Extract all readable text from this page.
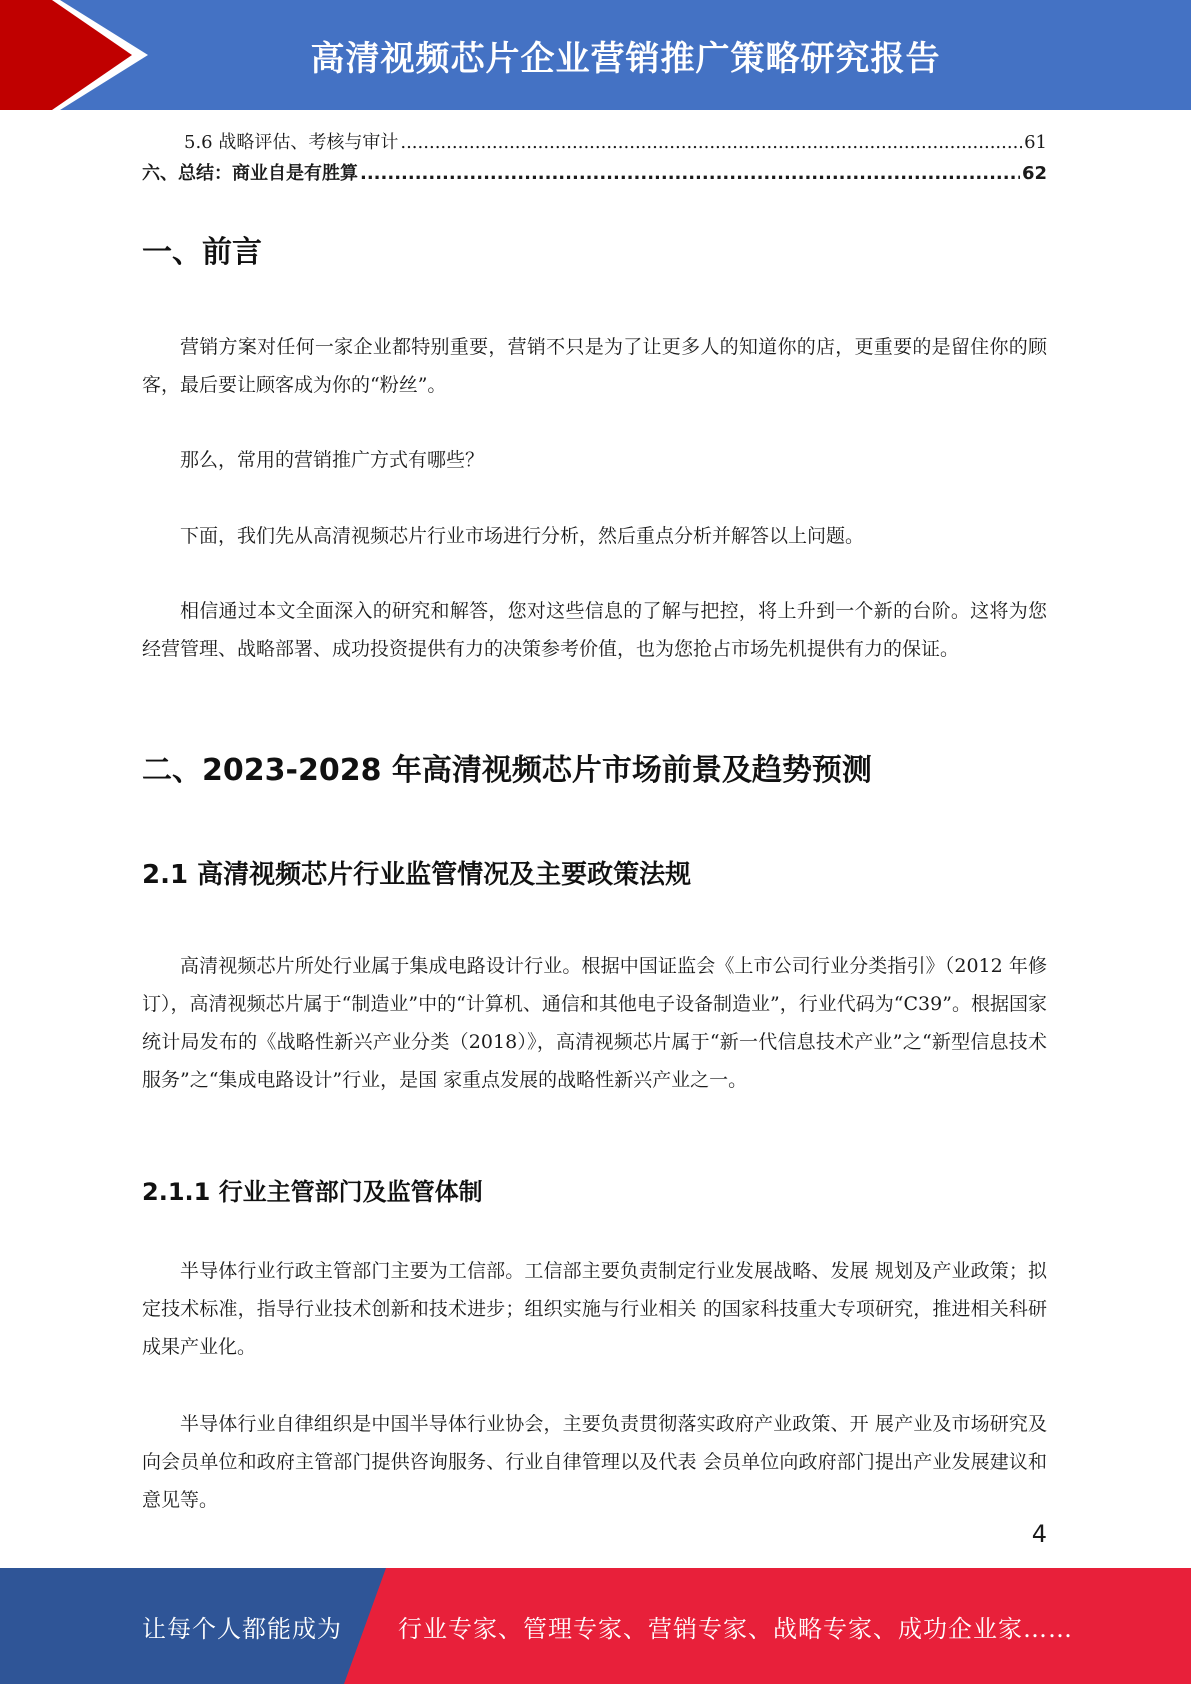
高清视频芯片企业营销推广策略研究报告
5.6 战略评估、考核与审计 .....	61
六、总结：商业自是有胜算 .....	62
一、前言
营销方案对任何一家企业都特别重要，营销不只是为了让更多人的知道你的店，更重要的是留住你的顾客，最后要让顾客成为你的“粉丝”。
那么，常用的营销推广方式有哪些？
下面，我们先从高清视频芯片行业市场进行分析，然后重点分析并解答以上问题。
相信通过本文全面深入的研究和解答，您对这些信息的了解与把控，将上升到一个新的台阶。这将为您经营管理、战略部署、成功投资提供有力的决策参考价值，也为您抢占市场先机提供有力的保证。
二、2023-2028 年高清视频芯片市场前景及趋势预测
2.1 高清视频芯片行业监管情况及主要政策法规
高清视频芯片所处行业属于集成电路设计行业。根据中国证监会《上市公司行业分类指引》（2012 年修订），高清视频芯片属于“制造业”中的“计算机、通信和其他电子设备制造业”，行业代码为“C39”。根据国家统计局发布的《战略性新兴产业分类（2018）》，高清视频芯片属于“新一代信息技术产业”之“新型信息技术服务”之“集成电路设计”行业，是国 家重点发展的战略性新兴产业之一。
2.1.1 行业主管部门及监管体制
半导体行业行政主管部门主要为工信部。工信部主要负责制定行业发展战略、发展 规划及产业政策；拟定技术标准，指导行业技术创新和技术进步；组织实施与行业相关 的国家科技重大专项研究，推进相关科研成果产业化。
半导体行业自律组织是中国半导体行业协会，主要负责贯彻落实政府产业政策、开 展产业及市场研究及向会员单位和政府主管部门提供咨询服务、行业自律管理以及代表 会员单位向政府部门提出产业发展建议和意见等。
4
让每个人都能成为 行业专家、管理专家、营销专家、战略专家、成功企业家……
